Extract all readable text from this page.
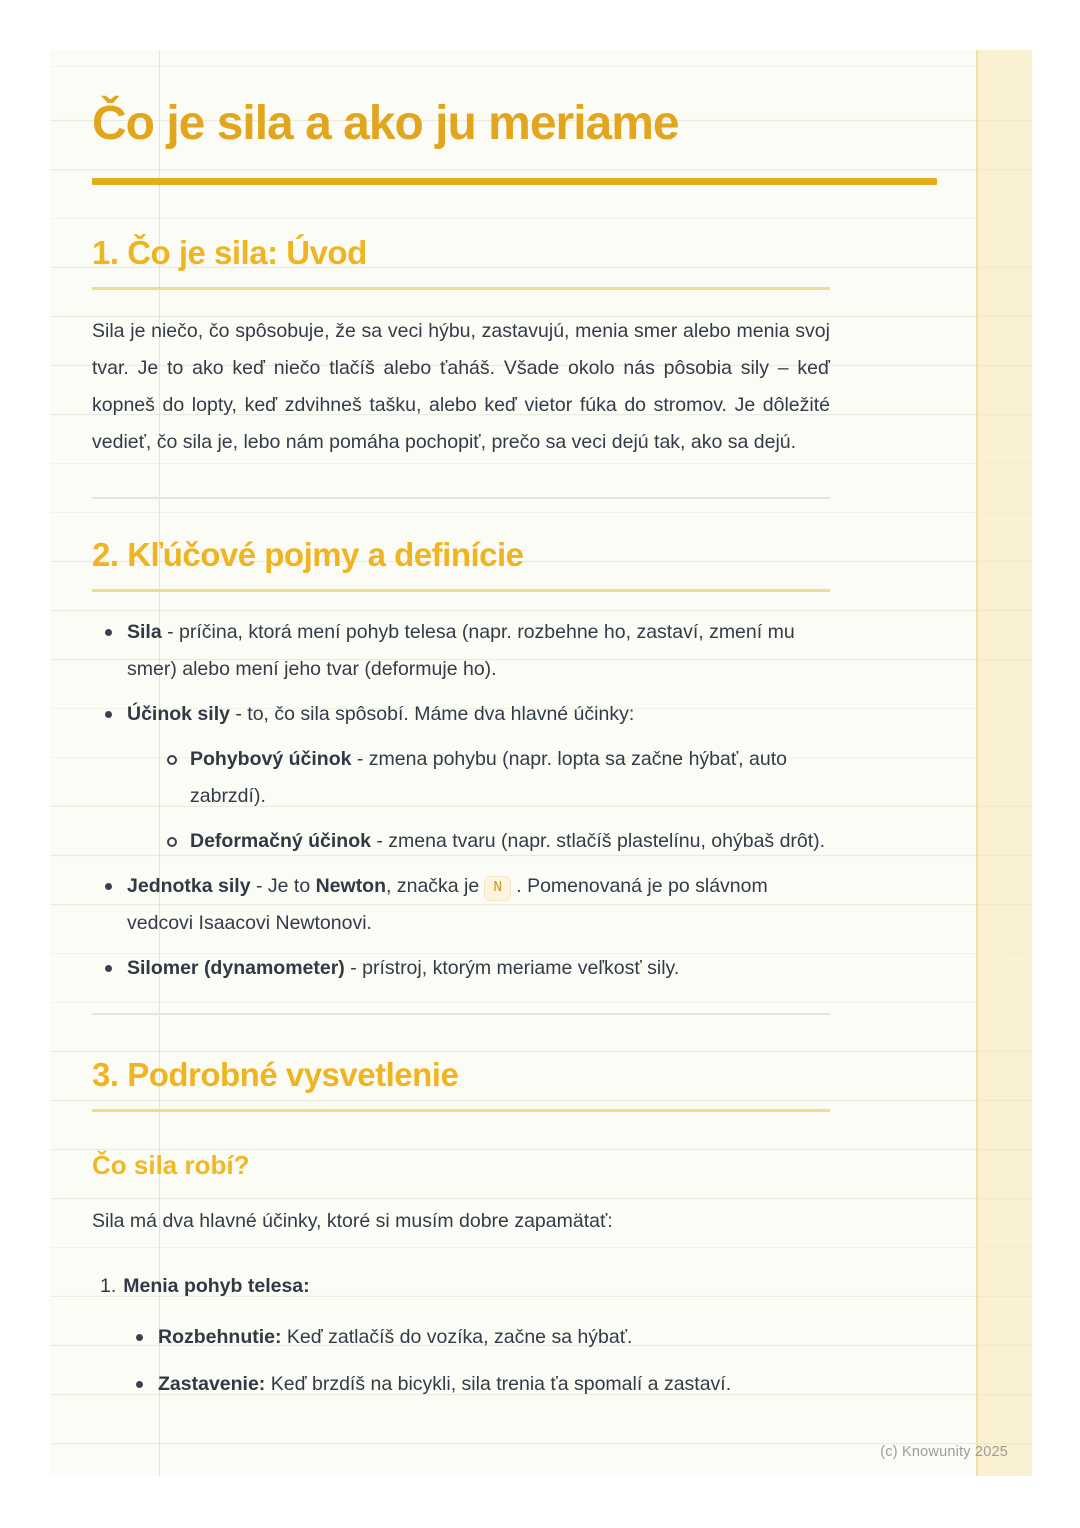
Čo je sila a ako ju meriame
1. Čo je sila: Úvod

Sila je niečo, čo spôsobuje, že sa veci hýbu, zastavujú, menia smer alebo menia svoj tvar. Je to ako keď niečo tlačíš alebo ťaháš. Všade okolo nás pôsobia sily – keď kopneš do lopty, keď zdvihneš tašku, alebo keď vietor fúka do stromov. Je dôležité vedieť, čo sila je, lebo nám pomáha pochopiť, prečo sa veci dejú tak, ako sa dejú.

2. Kľúčové pojmy a definície
Sila - príčina, ktorá mení pohyb telesa (napr. rozbehne ho, zastaví, zmení mu smer) alebo mení jeho tvar (deformuje ho).
Účinok sily - to, čo sila spôsobí. Máme dva hlavné účinky:
Pohybový účinok - zmena pohybu (napr. lopta sa začne hýbať, auto zabrzdí).
Deformačný účinok - zmena tvaru (napr. stlačíš plastelínu, ohýbaš drôt).
Jednotka sily - Je to Newton, značka je N . Pomenovaná je po slávnom vedcovi Isaacovi Newtonovi.
Silomer (dynamometer) - prístroj, ktorým meriame veľkosť sily.
3. Podrobné vysvetlenie
Čo sila robí?

Sila má dva hlavné účinky, ktoré si musím dobre zapamätať:

1. Menia pohyb telesa:
Rozbehnutie: Keď zatlačíš do vozíka, začne sa hýbať.
Zastavenie: Keď brzdíš na bicykli, sila trenia ťa spomalí a zastaví.
(c) Knowunity 2025
